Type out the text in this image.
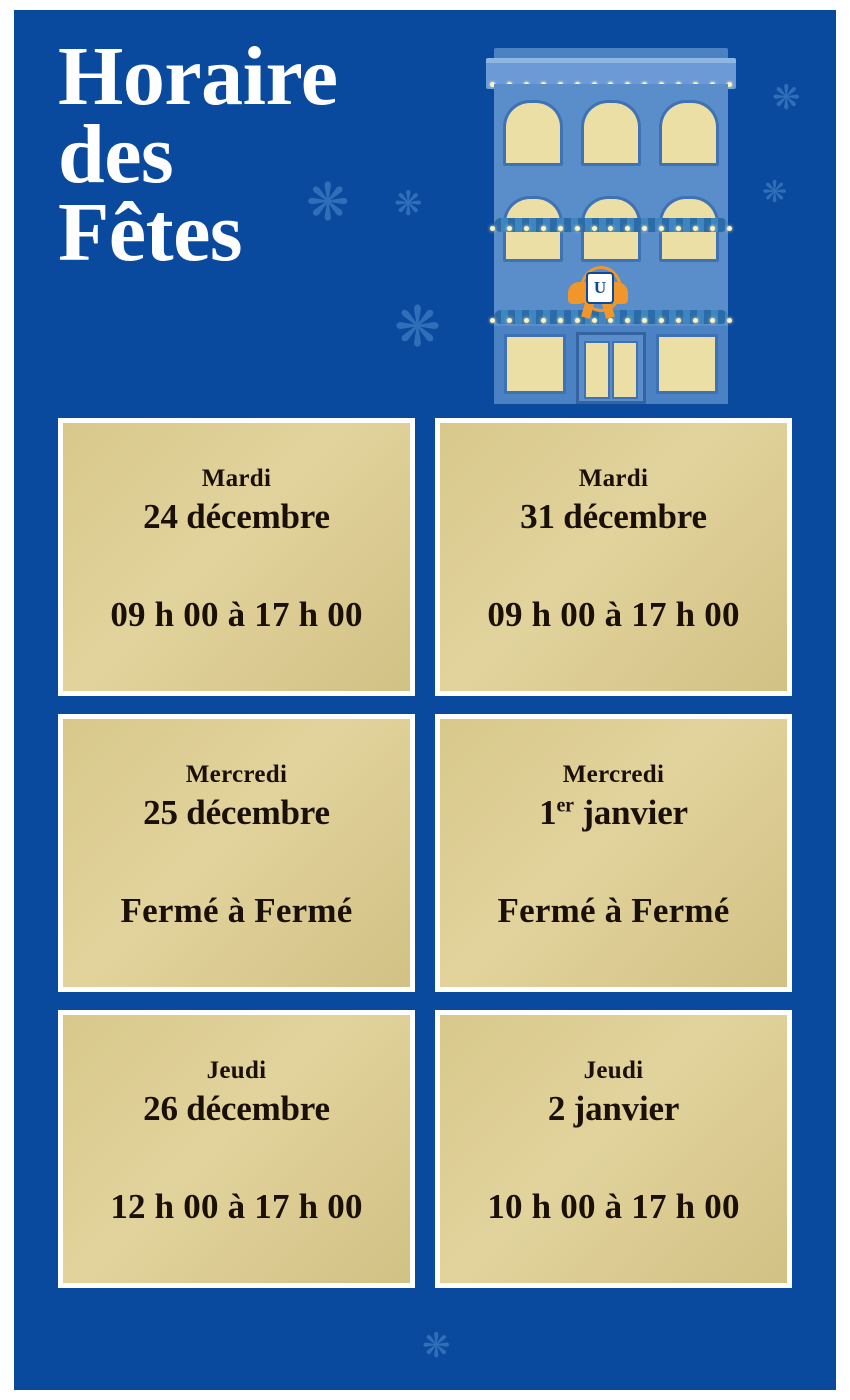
Horaire
des
Fêtes	❋ ❋
❋
❋
❋
U
Mardi
24 décembre
09 h 00 à 17 h 00
Mardi
31 décembre
09 h 00 à 17 h 00
Mercredi
25 décembre
Fermé à Fermé
Mercredi
1er janvier
Fermé à Fermé
Jeudi
26 décembre
12 h 00 à 17 h 00
Jeudi
2 janvier
10 h 00 à 17 h 00
❋
